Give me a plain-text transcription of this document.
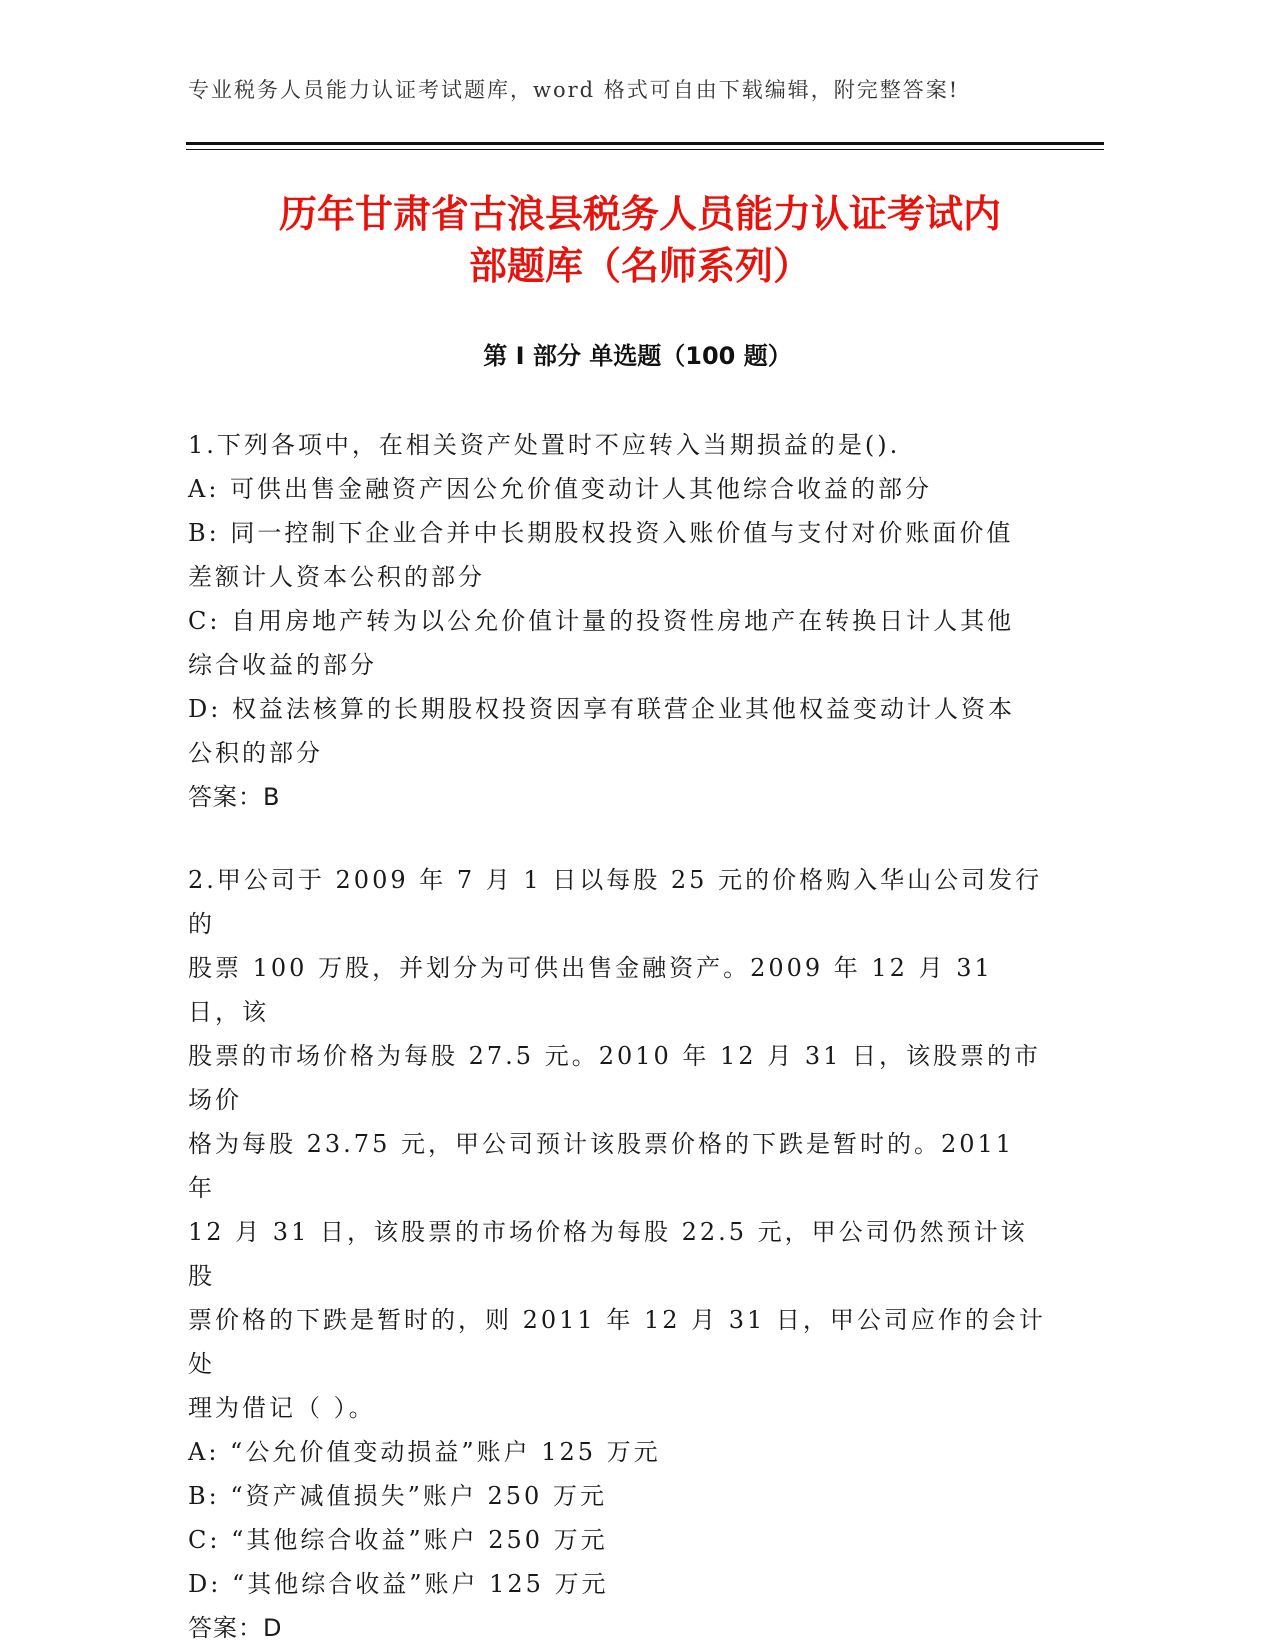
专业税务人员能力认证考试题库，word 格式可自由下载编辑，附完整答案!
历年甘肃省古浪县税务人员能力认证考试内
部题库（名师系列）
第 I 部分 单选题（100 题）

1.下列各项中，在相关资产处置时不应转入当期损益的是().

A: 可供出售金融资产因公允价值变动计人其他综合收益的部分

B: 同一控制下企业合并中长期股权投资入账价值与支付对价账面价值

差额计人资本公积的部分

C: 自用房地产转为以公允价值计量的投资性房地产在转换日计人其他

综合收益的部分

D: 权益法核算的长期股权投资因享有联营企业其他权益变动计人资本

公积的部分

答案：B

2.甲公司于 2009 年 7 月 1 日以每股 25 元的价格购入华山公司发行的

股票 100 万股，并划分为可供出售金融资产。2009 年 12 月 31 日，该

股票的市场价格为每股 27.5 元。2010 年 12 月 31 日，该股票的市场价

格为每股 23.75 元，甲公司预计该股票价格的下跌是暂时的。2011 年

12 月 31 日，该股票的市场价格为每股 22.5 元，甲公司仍然预计该股

票价格的下跌是暂时的，则 2011 年 12 月 31 日，甲公司应作的会计处

理为借记（ ）。

A: “公允价值变动损益”账户 125 万元

B: “资产减值损失”账户 250 万元

C: “其他综合收益”账户 250 万元

D: “其他综合收益”账户 125 万元

答案：D
